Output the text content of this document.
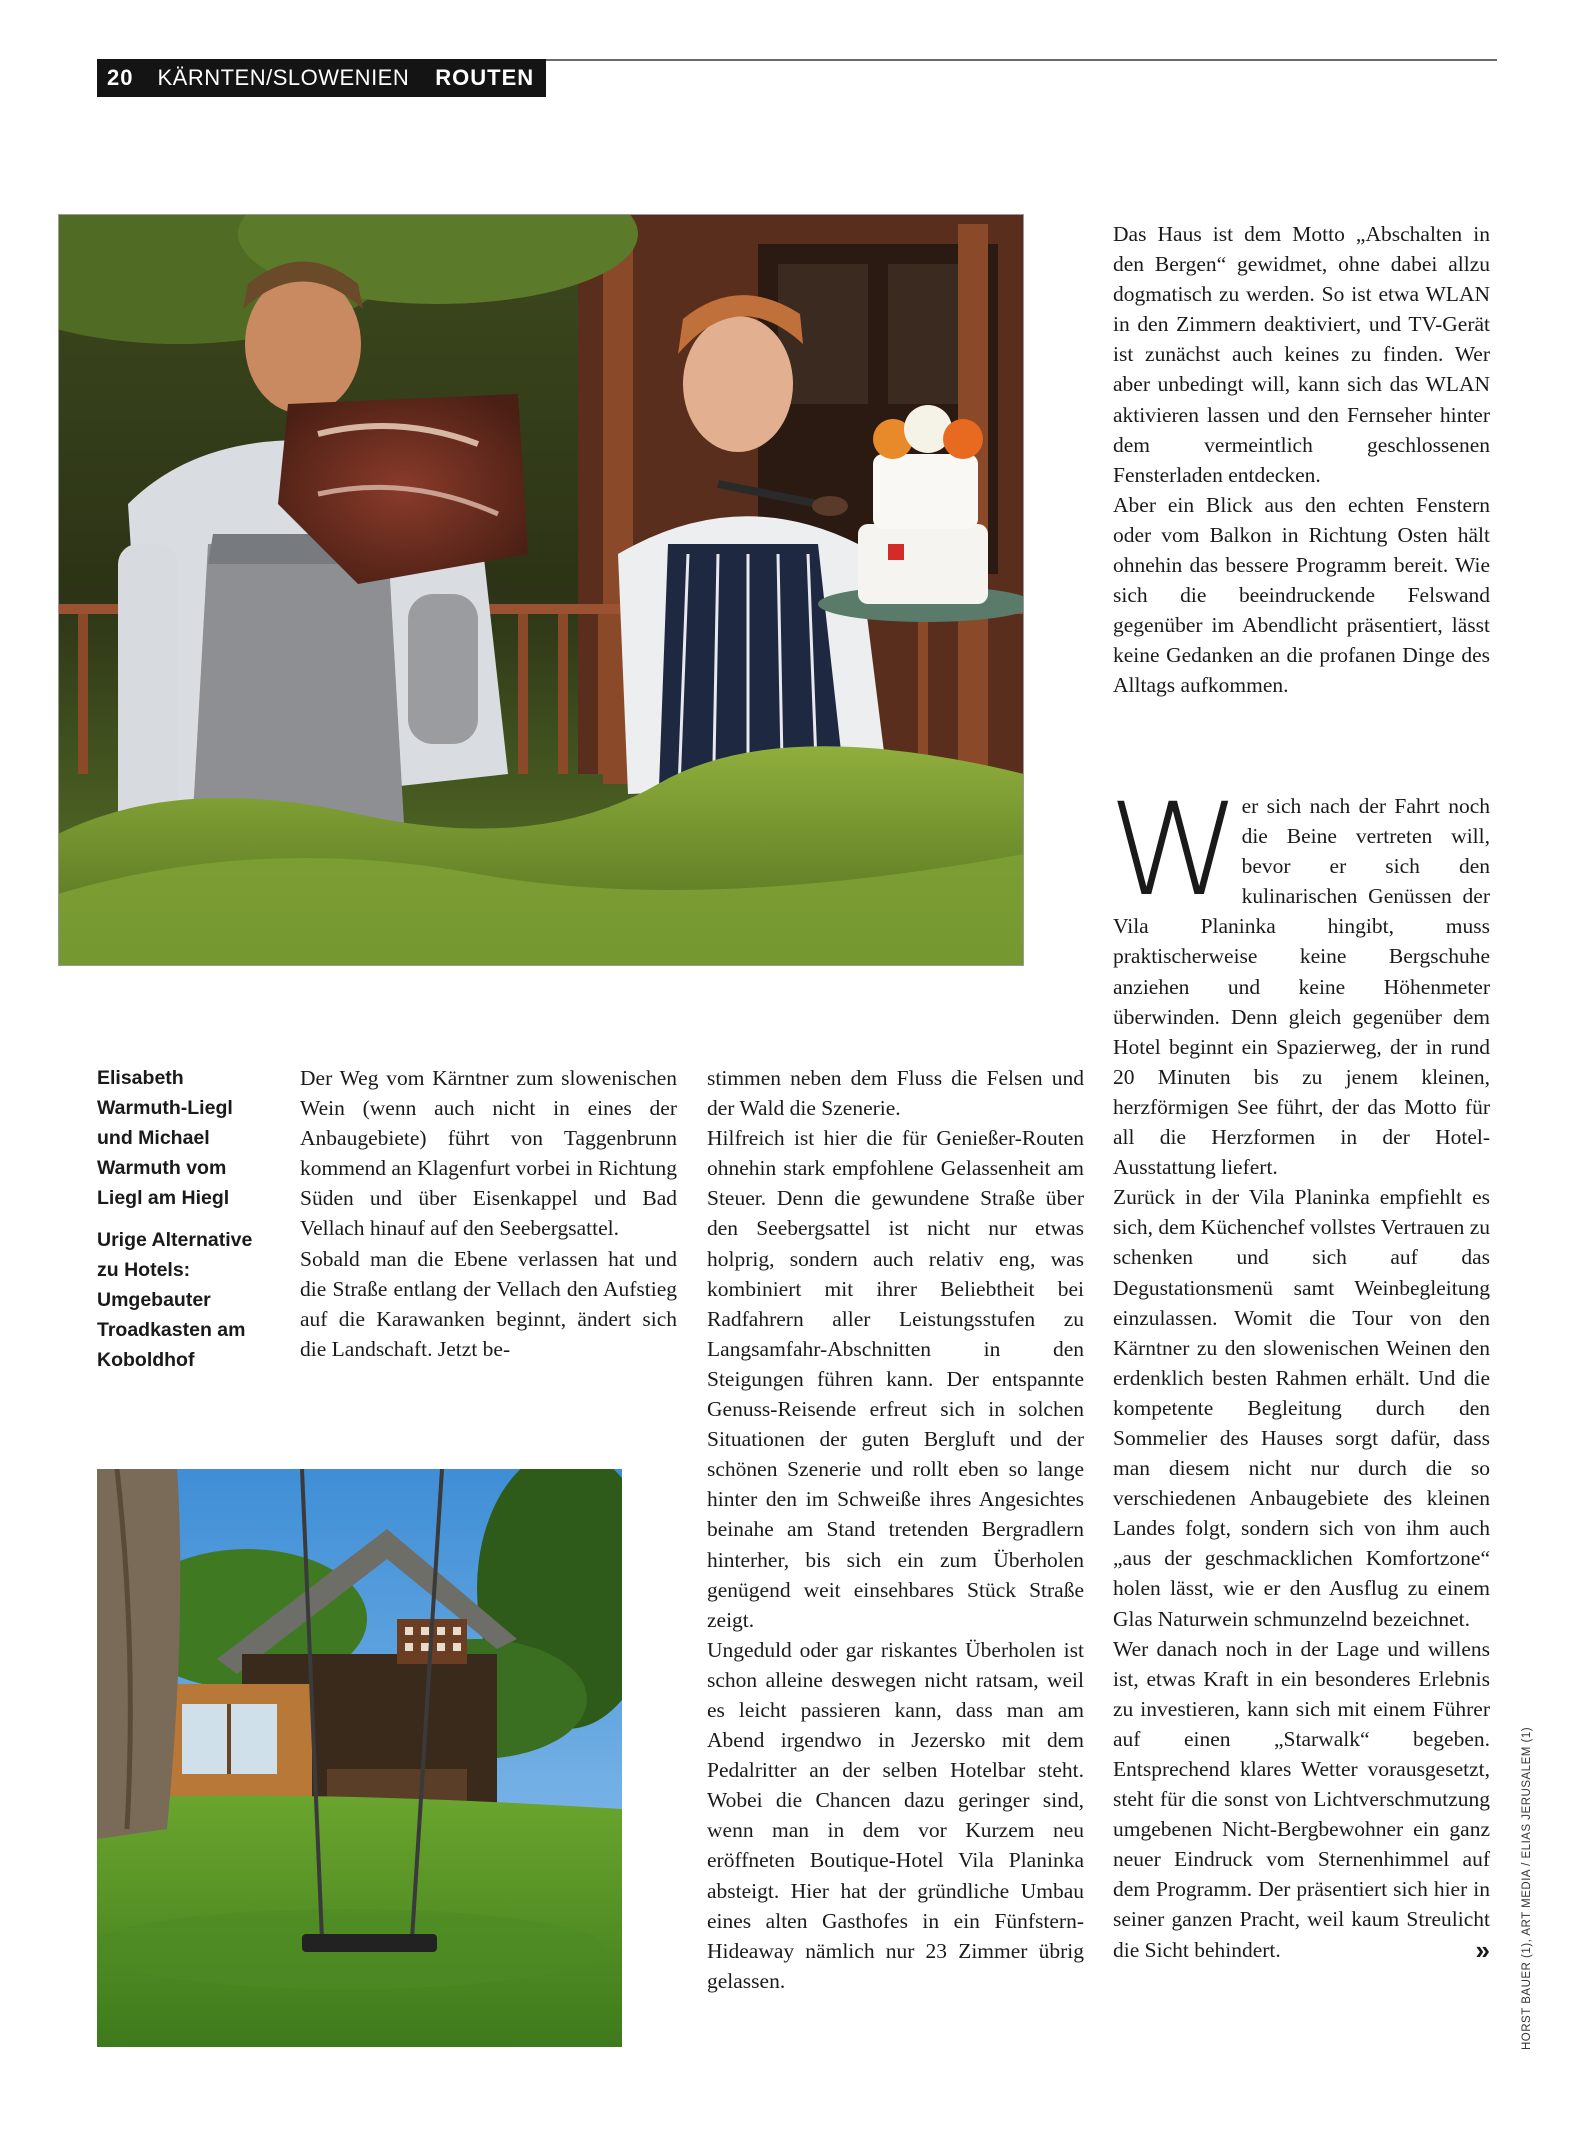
20 KÄRNTEN/SLOWENIEN ROUTEN

Elisabeth Warmuth-Liegl und Michael Warmuth vom Liegl am Hiegl

Urige Alternative zu Hotels: Umgebauter Troadkasten am Koboldhof

Der Weg vom Kärntner zum slowenischen Wein (wenn auch nicht in eines der Anbaugebiete) führt von Taggenbrunn kommend an Klagenfurt vorbei in Richtung Süden und über Eisenkappel und Bad Vellach hinauf auf den Seebergsattel.

Sobald man die Ebene verlassen hat und die Straße entlang der Vellach den Aufstieg auf die Karawanken beginnt, ändert sich die Landschaft. Jetzt be-

stimmen neben dem Fluss die Felsen und der Wald die Szenerie.

Hilfreich ist hier die für Genießer-Routen ohnehin stark empfohlene Gelassenheit am Steuer. Denn die gewundene Straße über den Seebergsattel ist nicht nur etwas holprig, sondern auch relativ eng, was kombiniert mit ihrer Beliebtheit bei Radfahrern aller Leistungsstufen zu Langsamfahr-Abschnitten in den Steigungen führen kann. Der entspannte Genuss-Reisende erfreut sich in solchen Situationen der guten Bergluft und der schönen Szenerie und rollt eben so lange hinter den im Schweiße ihres Angesichtes beinahe am Stand tretenden Bergradlern hinterher, bis sich ein zum Überholen genügend weit einsehbares Stück Straße zeigt.

Ungeduld oder gar riskantes Überholen ist schon alleine deswegen nicht ratsam, weil es leicht passieren kann, dass man am Abend irgendwo in Jezersko mit dem Pedalritter an der selben Hotelbar steht. Wobei die Chancen dazu geringer sind, wenn man in dem vor Kurzem neu eröffneten Boutique-Hotel Vila Planinka absteigt. Hier hat der gründliche Umbau eines alten Gasthofes in ein Fünfstern-Hideaway nämlich nur 23 Zimmer übrig gelassen.

Das Haus ist dem Motto „Abschalten in den Bergen“ gewidmet, ohne dabei allzu dogmatisch zu werden. So ist etwa WLAN in den Zimmern deaktiviert, und TV-Gerät ist zunächst auch keines zu finden. Wer aber unbedingt will, kann sich das WLAN aktivieren lassen und den Fernseher hinter dem vermeintlich geschlossenen Fensterladen entdecken.

Aber ein Blick aus den echten Fenstern oder vom Balkon in Richtung Osten hält ohnehin das bessere Programm bereit. Wie sich die beeindruckende Felswand gegenüber im Abendlicht präsentiert, lässt keine Gedanken an die profanen Dinge des Alltags aufkommen.

Wer sich nach der Fahrt noch die Beine vertreten will, bevor er sich den kulinarischen Genüssen der Vila Planinka hingibt, muss praktischerweise keine Bergschuhe anziehen und keine Höhenmeter überwinden. Denn gleich gegenüber dem Hotel beginnt ein Spazierweg, der in rund 20 Minuten bis zu jenem kleinen, herzförmigen See führt, der das Motto für all die Herzformen in der Hotel-Ausstattung liefert.

Zurück in der Vila Planinka empfiehlt es sich, dem Küchenchef vollstes Vertrauen zu schenken und sich auf das Degustationsmenü samt Weinbegleitung einzulassen. Womit die Tour von den Kärntner zu den slowenischen Weinen den erdenklich besten Rahmen erhält. Und die kompetente Begleitung durch den Sommelier des Hauses sorgt dafür, dass man diesem nicht nur durch die so verschiedenen Anbaugebiete des kleinen Landes folgt, sondern sich von ihm auch „aus der geschmacklichen Komfortzone“ holen lässt, wie er den Ausflug zu einem Glas Naturwein schmunzelnd bezeichnet.

Wer danach noch in der Lage und willens ist, etwas Kraft in ein besonderes Erlebnis zu investieren, kann sich mit einem Führer auf einen „Starwalk“ begeben. Entsprechend klares Wetter vorausgesetzt, steht für die sonst von Lichtverschmutzung umgebenen Nicht-Bergbewohner ein ganz neuer Eindruck vom Sternenhimmel auf dem Programm. Der präsentiert sich hier in seiner ganzen Pracht, weil kaum Streulicht die Sicht behindert.	»	HORST BAUER (1), ART MEDIA / ELIAS JERUSALEM (1)
